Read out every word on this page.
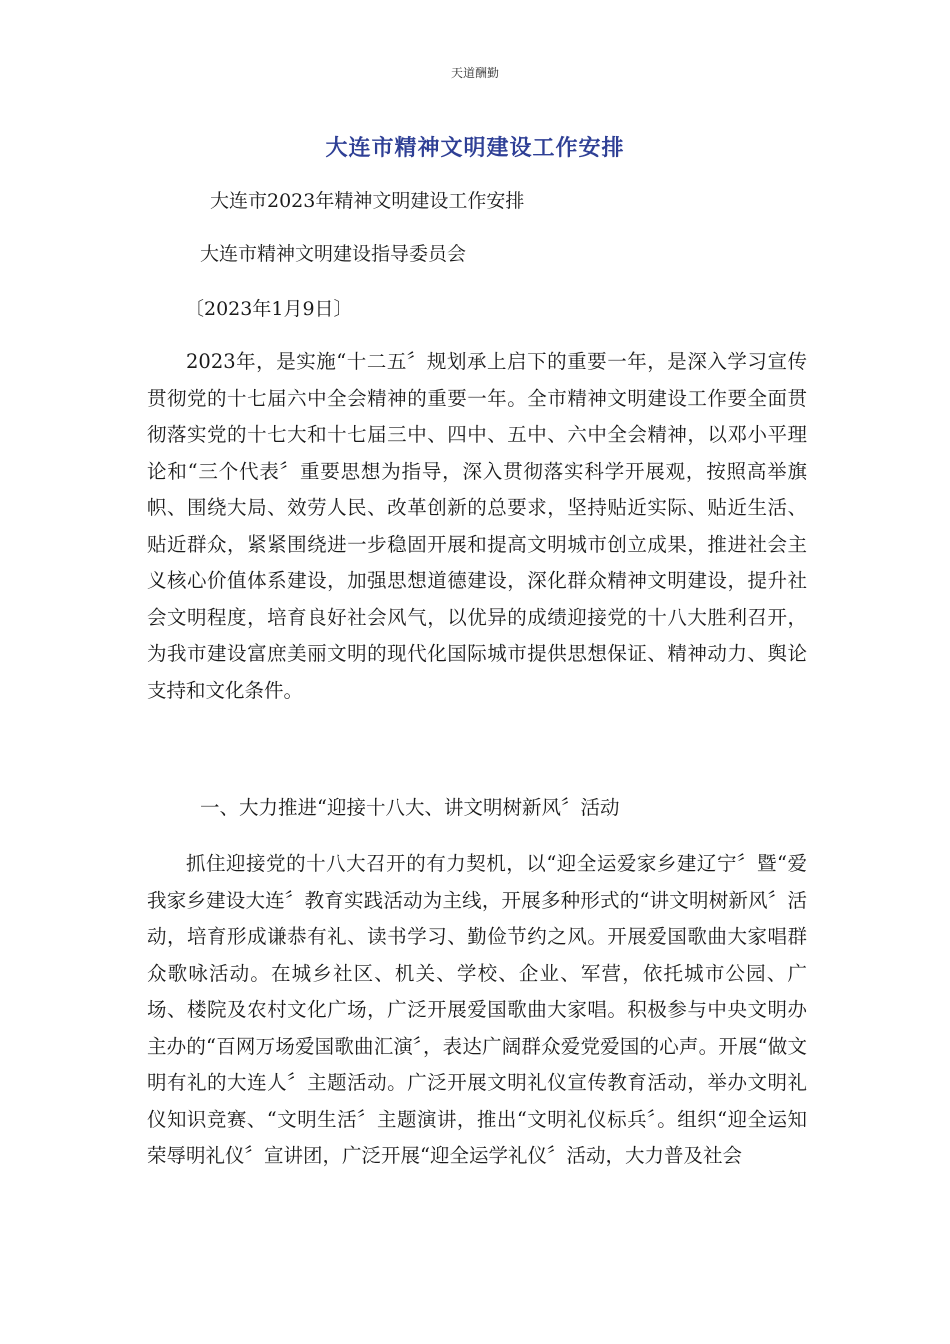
天道酬勤
大连市精神文明建设工作安排
大连市2023年精神文明建设工作安排
大连市精神文明建设指导委员会
〔2023年1月9日〕
2023年，是实施“十二五〞规划承上启下的重要一年，是深入学习宣传贯彻党的十七届六中全会精神的重要一年。全市精神文明建设工作要全面贯彻落实党的十七大和十七届三中、四中、五中、六中全会精神，以邓小平理论和“三个代表〞重要思想为指导，深入贯彻落实科学开展观，按照高举旗帜、围绕大局、效劳人民、改革创新的总要求，坚持贴近实际、贴近生活、贴近群众，紧紧围绕进一步稳固开展和提高文明城市创立成果，推进社会主义核心价值体系建设，加强思想道德建设，深化群众精神文明建设，提升社会文明程度，培育良好社会风气，以优异的成绩迎接党的十八大胜利召开，为我市建设富庶美丽文明的现代化国际城市提供思想保证、精神动力、舆论支持和文化条件。
一、大力推进“迎接十八大、讲文明树新风〞活动
抓住迎接党的十八大召开的有力契机，以“迎全运爱家乡建辽宁〞暨“爱我家乡建设大连〞教育实践活动为主线，开展多种形式的“讲文明树新风〞活动，培育形成谦恭有礼、读书学习、勤俭节约之风。开展爱国歌曲大家唱群众歌咏活动。在城乡社区、机关、学校、企业、军营，依托城市公园、广场、楼院及农村文化广场，广泛开展爱国歌曲大家唱。积极参与中央文明办主办的“百网万场爱国歌曲汇演〞，表达广阔群众爱党爱国的心声。开展“做文明有礼的大连人〞主题活动。广泛开展文明礼仪宣传教育活动，举办文明礼仪知识竞赛、“文明生活〞主题演讲，推出“文明礼仪标兵〞。组织“迎全运知荣辱明礼仪〞宣讲团，广泛开展“迎全运学礼仪〞活动，大力普及社会
